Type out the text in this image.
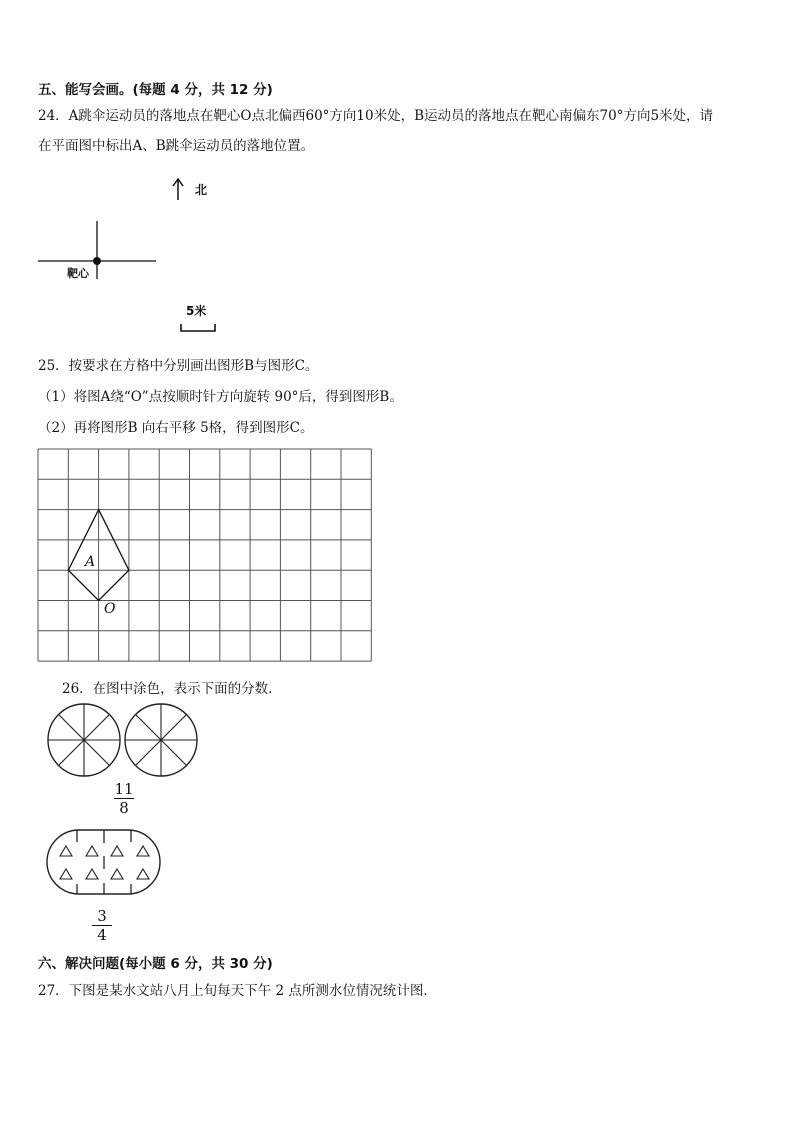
五、能写会画。(每题 4 分，共 12 分)
24．A跳伞运动员的落地点在靶心O点北偏西60°方向10米处，B运动员的落地点在靶心南偏东70°方向5米处，请
在平面图中标出A、B跳伞运动员的落地位置。
北
靶心
5米
25．按要求在方格中分别画出图形B与图形C。
（1）将图A绕“O”点按顺时针方向旋转 90°后，得到图形B。
（2）再将图形B 向右平移 5格，得到图形C。
A
O
26．在图中涂色，表示下面的分数．
11
8
3
4
六、解决问题(每小题 6 分，共 30 分)
27．下图是某水文站八月上旬每天下午 2 点所测水位情况统计图．
